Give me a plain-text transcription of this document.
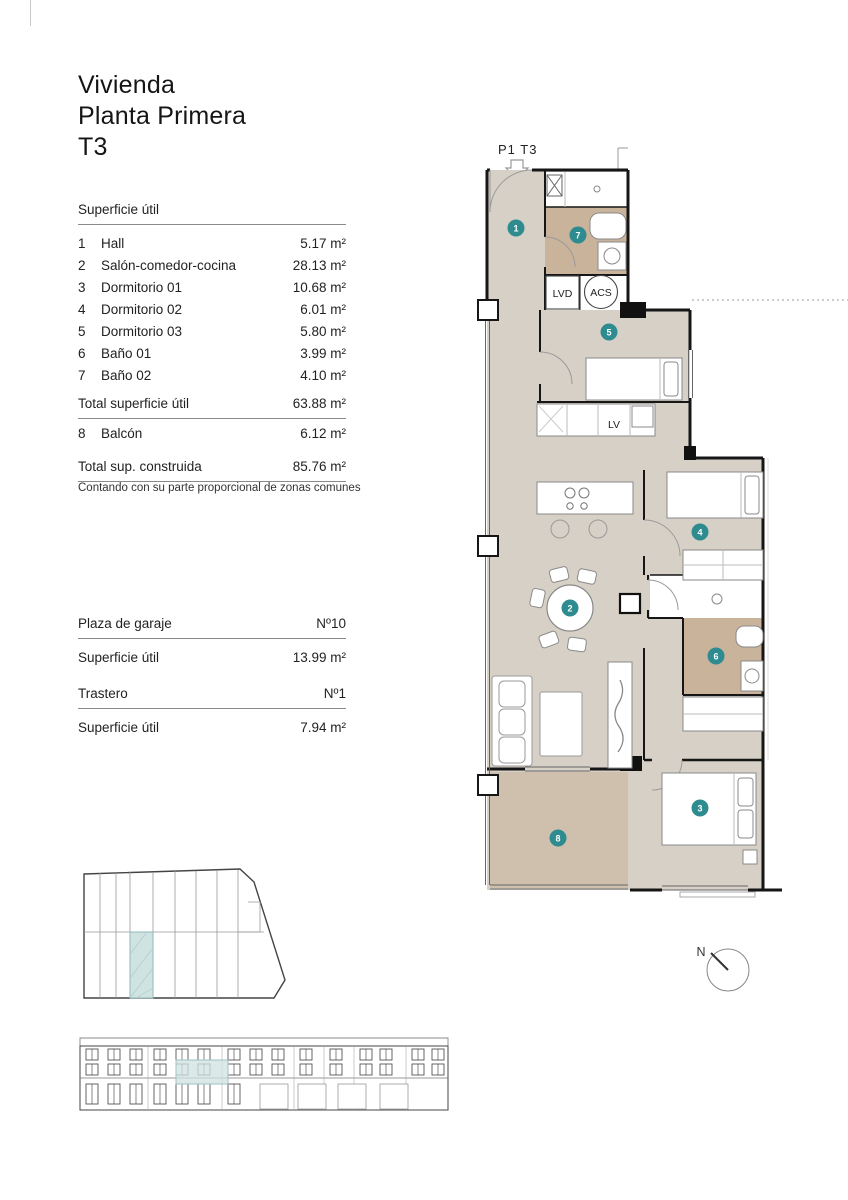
Vivienda
Planta Primera
T3
Superficie útil
1	Hall	5.17 m²
2	Salón-comedor-cocina	28.13 m²
3	Dormitorio 01	10.68 m²
4	Dormitorio 02	6.01 m²
5	Dormitorio 03	5.80 m²
6	Baño 01	3.99 m²
7	Baño 02	4.10 m²
Total superficie útil	63.88 m²
8	Balcón	6.12 m²
Total sup. construida	85.76 m²
Contando con su parte proporcional de zonas comunes
Plaza de garaje	Nº10
Superficie útil	13.99 m²
Trastero	Nº1
Superficie útil	7.94 m²
P1 T3
LVD ACS
LV
1
7
5
4
2
6
3
8
N
